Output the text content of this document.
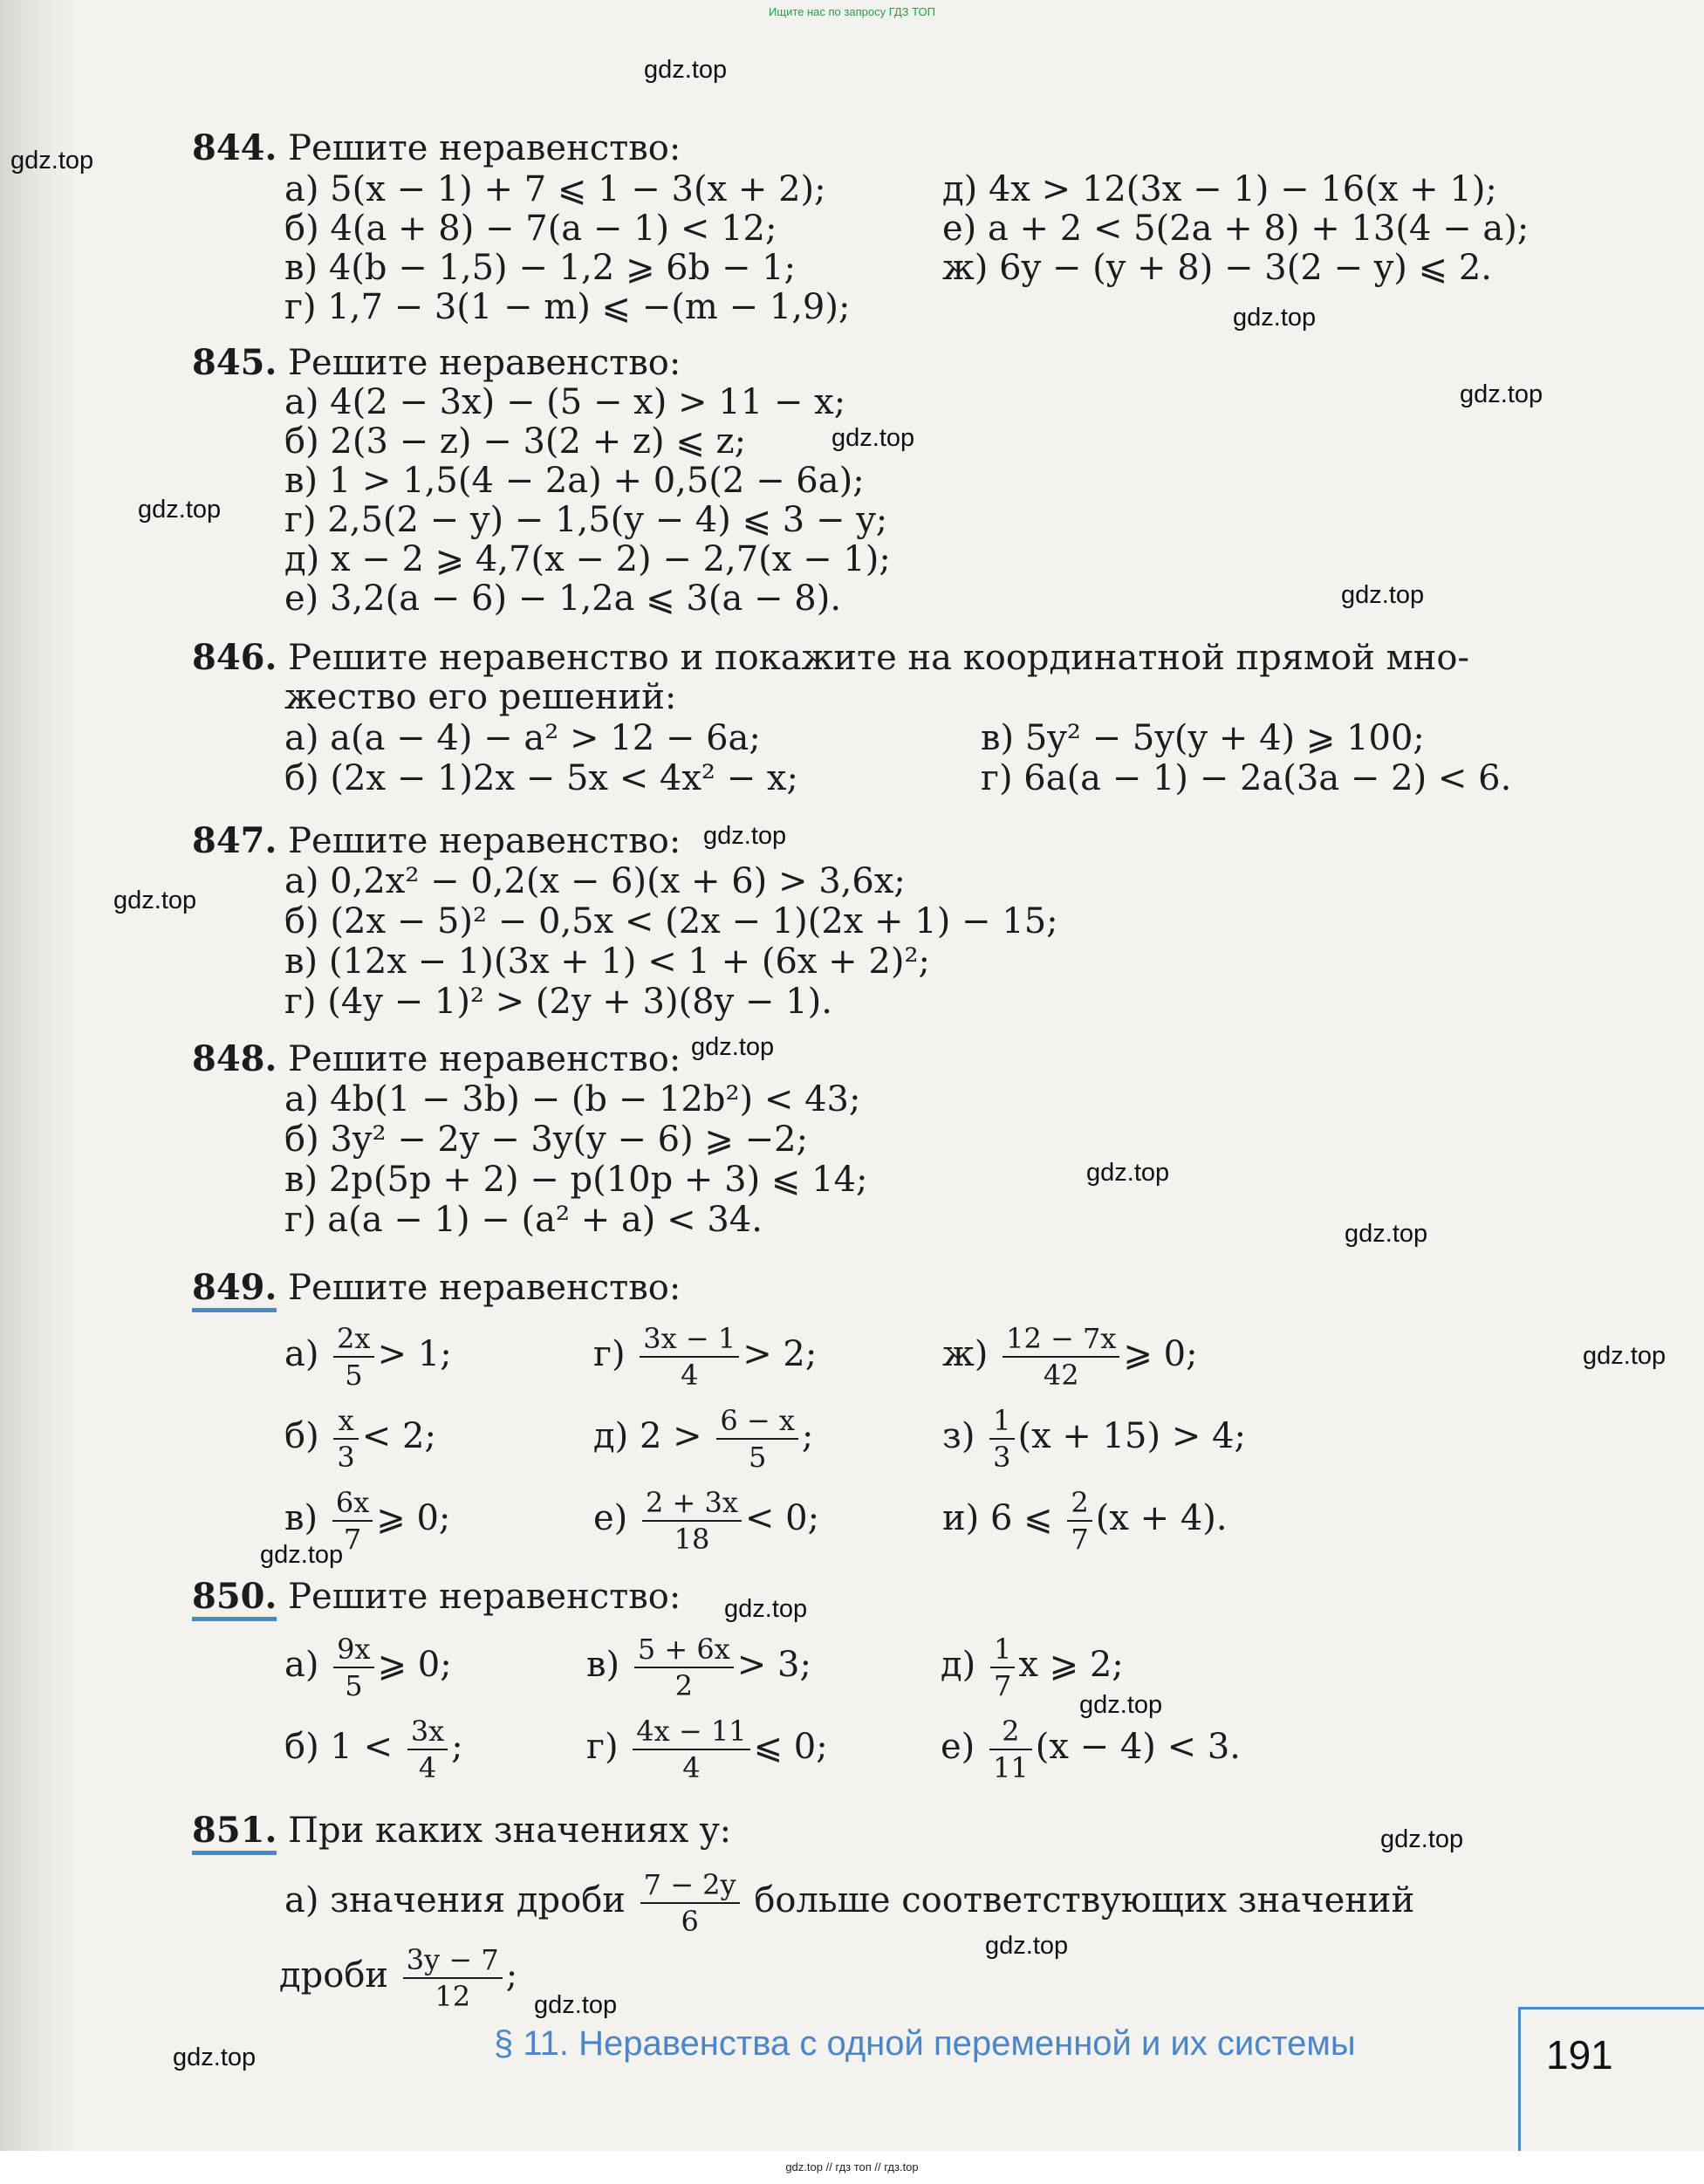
Ищите нас по запросу ГДЗ ТОП
gdz.top
gdz.top
gdz.top
gdz.top
gdz.top
gdz.top
gdz.top
gdz.top
gdz.top
gdz.top
gdz.top
gdz.top
gdz.top
gdz.top
gdz.top
gdz.top
gdz.top
gdz.top
gdz.top
gdz.top
844. Решите неравенство:
а) 5(x − 1) + 7 ⩽ 1 − 3(x + 2);
б) 4(a + 8) − 7(a − 1) < 12;
в) 4(b − 1,5) − 1,2 ⩾ 6b − 1;
г) 1,7 − 3(1 − m) ⩽ −(m − 1,9);
д) 4x > 12(3x − 1) − 16(x + 1);
е) a + 2 < 5(2a + 8) + 13(4 − a);
ж) 6y − (y + 8) − 3(2 − y) ⩽ 2.
845. Решите неравенство:
а) 4(2 − 3x) − (5 − x) > 11 − x;
б) 2(3 − z) − 3(2 + z) ⩽ z;
в) 1 > 1,5(4 − 2a) + 0,5(2 − 6a);
г) 2,5(2 − y) − 1,5(y − 4) ⩽ 3 − y;
д) x − 2 ⩾ 4,7(x − 2) − 2,7(x − 1);
е) 3,2(a − 6) − 1,2a ⩽ 3(a − 8).
846. Решите неравенство и покажите на координатной прямой мно-
жество его решений:
а) a(a − 4) − a² > 12 − 6a;
б) (2x − 1)2x − 5x < 4x² − x;
в) 5y² − 5y(y + 4) ⩾ 100;
г) 6a(a − 1) − 2a(3a − 2) < 6.
847. Решите неравенство:
а) 0,2x² − 0,2(x − 6)(x + 6) > 3,6x;
б) (2x − 5)² − 0,5x < (2x − 1)(2x + 1) − 15;
в) (12x − 1)(3x + 1) < 1 + (6x + 2)²;
г) (4y − 1)² > (2y + 3)(8y − 1).
848. Решите неравенство:
а) 4b(1 − 3b) − (b − 12b²) < 43;
б) 3y² − 2y − 3y(y − 6) ⩾ −2;
в) 2p(5p + 2) − p(10p + 3) ⩽ 14;
г) a(a − 1) − (a² + a) < 34.
849. Решите неравенство:
$а) \frac{2x}{5} > 1$;	$г) \frac{3x - 1}{4} > 2$;	$ж) \frac{12 - 7x}{42}$ ⩾ 0;
$б) \frac{x}{3} < 2$;	д) $2 > \frac{6 - x}{5}$ ;	$з) \frac{1}{3} (x + 15) > 4$;
$в) \frac{6x}{7}$ ⩾ 0;	$е) \frac{2 + 3x}{18} < 0$;	и) 6 ⩽ $\frac{2}{7} (x + 4)$.
850. Решите неравенство:
$а) \frac{9x}{5}$ ⩾ 0;	$в) \frac{5 + 6x}{2} > 3$;	$д) \frac{1}{7}$ x ⩾ 2;
б) $1 < \frac{3x}{4}$ ;	$г) \frac{4x - 11}{4}$ ⩽ 0;	$е) \frac{2}{11} (x - 4) < 3$.
851. При каких значениях y:
а) значения дроби $\frac{7 - 2y}{6}$ больше соответствующих значений
дроби $\frac{3y - 7}{12}$ ;
§ 11. Неравенства с одной переменной и их системы	191
gdz.top // гдз топ // гдз.top
